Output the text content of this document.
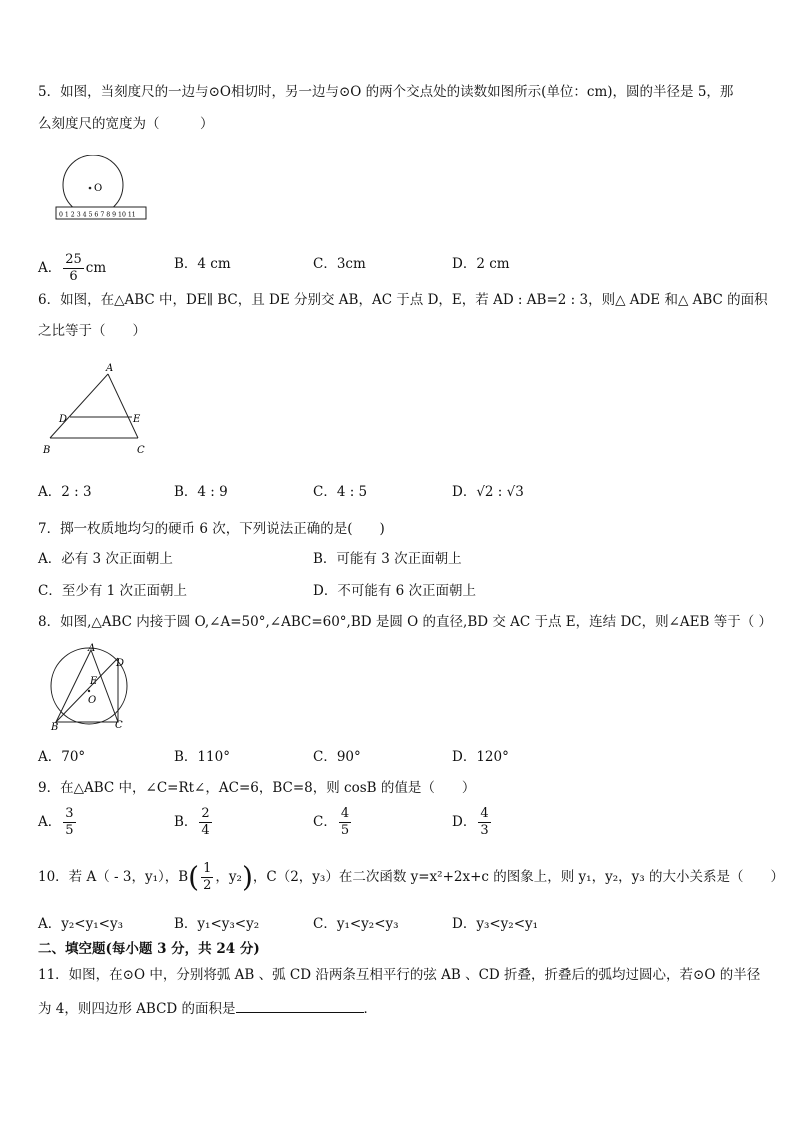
5．如图，当刻度尺的一边与⊙O相切时，另一边与⊙O 的两个交点处的读数如图所示(单位：cm)，圆的半径是 5，那
么刻度尺的宽度为（　　　）
O
0 1 2 3 4 5 6 7 8 9 10 11
A． $\frac{25}{6}$ cm	B．4 cm	C．3cm	D．2 cm
6．如图，在△ABC 中，DE∥ BC，且 DE 分别交 AB，AC 于点 D，E，若 AD : AB=2 : 3，则△ ADE 和△ ABC 的面积
之比等于（　　）
A
D	E
B	C
A．2 : 3	B．4 : 9	C．4 : 5	D．√2 : √3
7．掷一枚质地均匀的硬币 6 次，下列说法正确的是(　　)
A．必有 3 次正面朝上	B．可能有 3 次正面朝上
C．至少有 1 次正面朝上	D．不可能有 6 次正面朝上
8．如图,△ABC 内接于圆 O,∠A=50°,∠ABC=60°,BD 是圆 O 的直径,BD 交 AC 于点 E，连结 DC，则∠AEB 等于（ ）
A
D
E
O
B	C
A．70°	B．110°	C．90°	D．120°
9．在△ABC 中，∠C=Rt∠，AC=6，BC=8，则 cosB 的值是（　　）
A． $\frac{3}{5}$	B． $\frac{2}{4}$	C． $\frac{4}{5}$	D． $\frac{4}{3}$
10．若 A（ - 3，y₁），$B( \frac{1}{2}$ ，y₂)，C（2，y₃）在二次函数 y=x²+2x+c 的图象上，则 y₁，y₂，y₃ 的大小关系是（　　）
A．y₂<y₁<y₃	B．y₁<y₃<y₂	C．y₁<y₂<y₃	D．y₃<y₂<y₁
二、填空题(每小题 3 分，共 24 分)
11．如图，在⊙O 中，分别将弧 AB 、弧 CD 沿两条互相平行的弦 AB 、CD 折叠，折叠后的弧均过圆心，若⊙O 的半径
为 4，则四边形 ABCD 的面积是	．
